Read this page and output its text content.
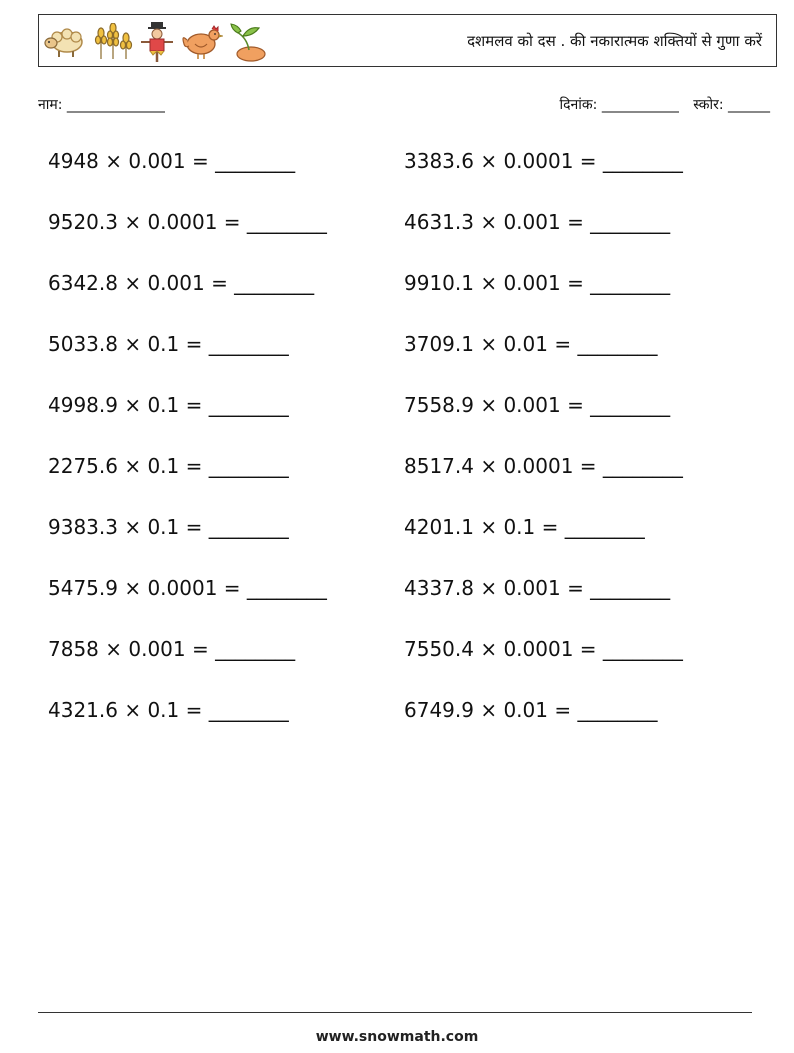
दशमलव को दस . की नकारात्मक शक्तियों से गुणा करें
नाम: ______________	दिनांक: ___________ स्कोर: ______
4948 × 0.001 = ________
9520.3 × 0.0001 = ________
6342.8 × 0.001 = ________
5033.8 × 0.1 = ________
4998.9 × 0.1 = ________
2275.6 × 0.1 = ________
9383.3 × 0.1 = ________
5475.9 × 0.0001 = ________
7858 × 0.001 = ________
4321.6 × 0.1 = ________
3383.6 × 0.0001 = ________
4631.3 × 0.001 = ________
9910.1 × 0.001 = ________
3709.1 × 0.01 = ________
7558.9 × 0.001 = ________
8517.4 × 0.0001 = ________
4201.1 × 0.1 = ________
4337.8 × 0.001 = ________
7550.4 × 0.0001 = ________
6749.9 × 0.01 = ________
www.snowmath.com
